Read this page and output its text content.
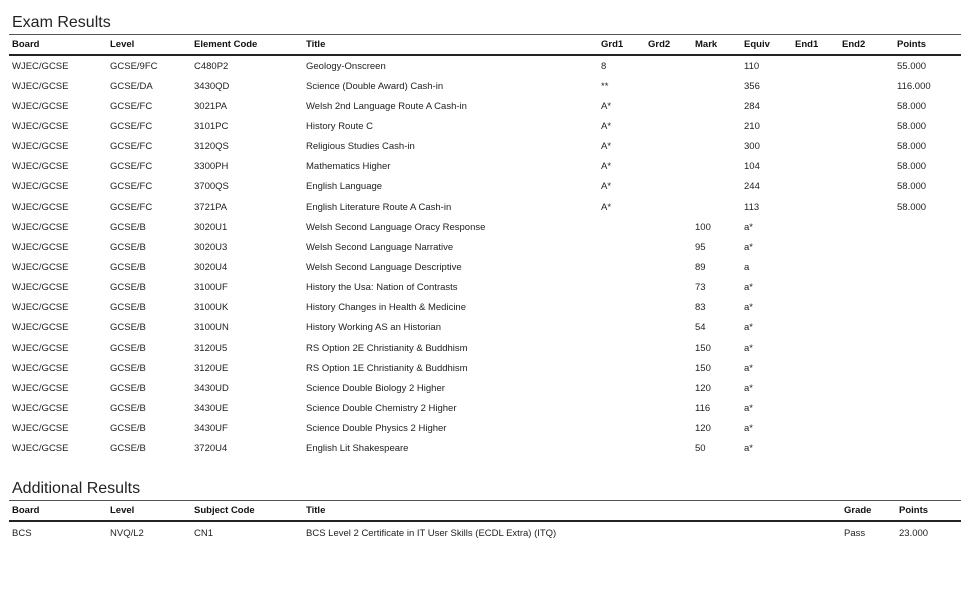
Exam Results
Board	Level	Element Code	Title	Grd1	Grd2	Mark	Equiv	End1	End2	Points
WJEC/GCSE	GCSE/9FC	C480P2	Geology-Onscreen	8			110			55.000
WJEC/GCSE	GCSE/DA	3430QD	Science (Double Award) Cash-in	**			356			116.000
WJEC/GCSE	GCSE/FC	3021PA	Welsh 2nd Language Route A Cash-in	A*			284			58.000
WJEC/GCSE	GCSE/FC	3101PC	History Route C	A*			210			58.000
WJEC/GCSE	GCSE/FC	3120QS	Religious Studies Cash-in	A*			300			58.000
WJEC/GCSE	GCSE/FC	3300PH	Mathematics Higher	A*			104			58.000
WJEC/GCSE	GCSE/FC	3700QS	English Language	A*			244			58.000
WJEC/GCSE	GCSE/FC	3721PA	English Literature Route A Cash-in	A*			113			58.000
WJEC/GCSE	GCSE/B	3020U1	Welsh Second Language Oracy Response			100	a*			
WJEC/GCSE	GCSE/B	3020U3	Welsh Second Language Narrative			95	a*			
WJEC/GCSE	GCSE/B	3020U4	Welsh Second Language Descriptive			89	a			
WJEC/GCSE	GCSE/B	3100UF	History the Usa: Nation of Contrasts			73	a*			
WJEC/GCSE	GCSE/B	3100UK	History Changes in Health & Medicine			83	a*			
WJEC/GCSE	GCSE/B	3100UN	History Working AS an Historian			54	a*			
WJEC/GCSE	GCSE/B	3120U5	RS Option 2E Christianity & Buddhism			150	a*			
WJEC/GCSE	GCSE/B	3120UE	RS Option 1E Christianity & Buddhism			150	a*			
WJEC/GCSE	GCSE/B	3430UD	Science Double Biology 2 Higher			120	a*			
WJEC/GCSE	GCSE/B	3430UE	Science Double Chemistry 2 Higher			116	a*			
WJEC/GCSE	GCSE/B	3430UF	Science Double Physics 2 Higher			120	a*			
WJEC/GCSE	GCSE/B	3720U4	English Lit Shakespeare			50	a*			
Additional Results
Board	Level	Subject Code	Title	Grade	Points
BCS	NVQ/L2	CN1	BCS Level 2 Certificate in IT User Skills (ECDL Extra) (ITQ)	Pass	23.000
